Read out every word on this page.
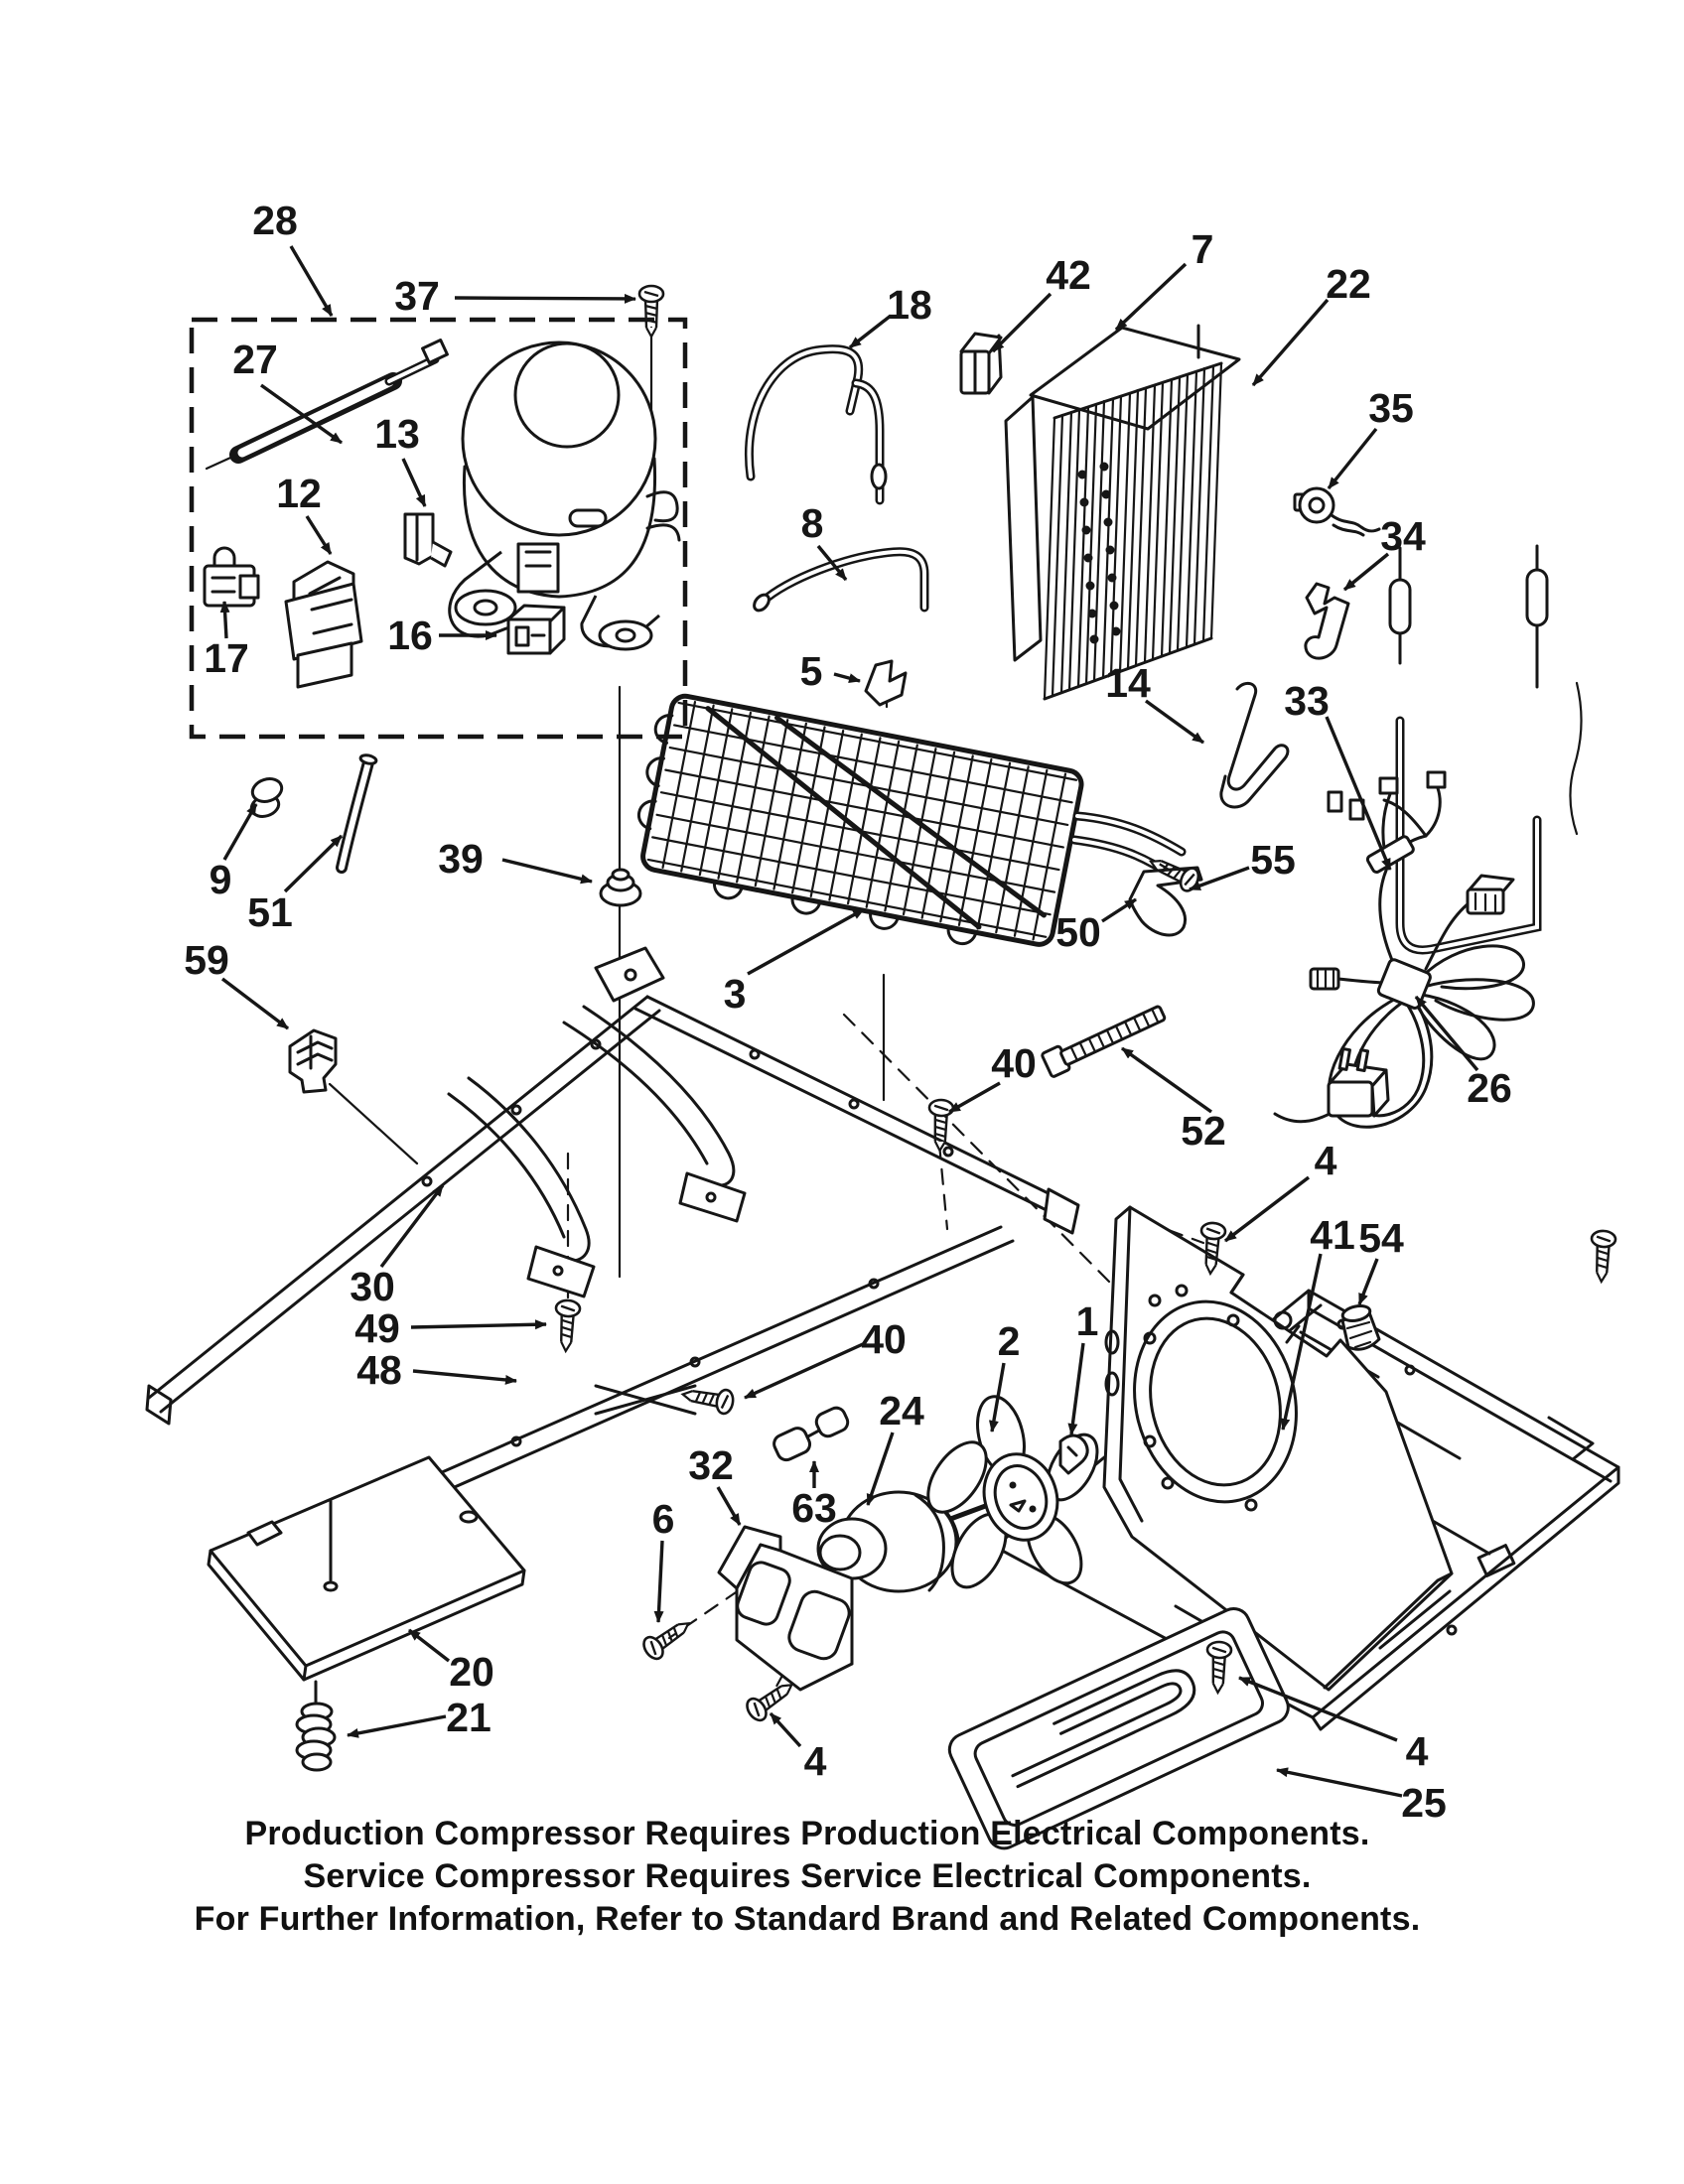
28
37
27
12
13
17	16
18
8
5
42
7
22
35
34
33
14
9
51
39
59
3
50
55
52
26
30
49
48
40
40 2 1
24
63
32
6
41 54
20
21
4
4
4
25
Production Compressor Requires Production Electrical Components.
Service Compressor Requires Service Electrical Components.
For Further Information, Refer to Standard Brand and Related Components.
